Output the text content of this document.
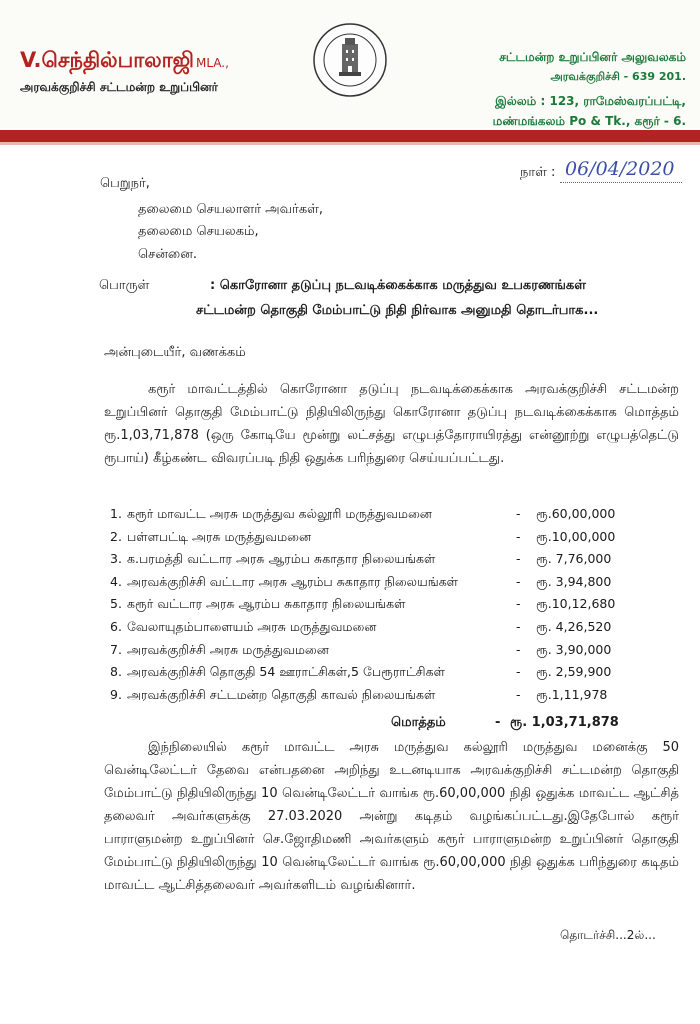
V.செந்தில்பாலாஜி MLA.,
அரவக்குறிச்சி சட்டமன்ற உறுப்பினர்
சட்டமன்ற உறுப்பினர் அலுவலகம்
அரவக்குறிச்சி - 639 201.
இல்லம் : 123, ராமேஸ்வரப்பட்டி,
மண்மங்கலம் Po & Tk., கரூர் - 6.
நாள் : 06/04/2020
பெறுநர்,
தலைமை செயலாளர் அவர்கள்,
தலைமை செயலகம்,
சென்னை.
பொருள்	: கொரோனா தடுப்பு நடவடிக்கைக்காக மருத்துவ உபகரணங்கள்
சட்டமன்ற தொகுதி மேம்பாட்டு நிதி நிர்வாக அனுமதி தொடர்பாக...
அன்புடையீர், வணக்கம்
கரூர் மாவட்டத்தில் கொரோனா தடுப்பு நடவடிக்கைக்காக அரவக்குறிச்சி சட்டமன்ற உறுப்பினர் தொகுதி மேம்பாட்டு நிதியிலிருந்து கொரோனா தடுப்பு நடவடிக்கைக்காக மொத்தம் ரூ.1,03,71,878 (ஒரு கோடியே மூன்று லட்சத்து எழுபத்தோராயிரத்து என்னூற்று எழுபத்தெட்டு ரூபாய்) கீழ்கண்ட விவரப்படி நிதி ஒதுக்க பரிந்துரை செய்யப்பட்டது.
1. கரூர் மாவட்ட அரசு மருத்துவ கல்லூரி மருத்துவமனை	- ரூ.60,00,000
2. பள்ளபட்டி அரசு மருத்துவமனை	- ரூ.10,00,000
3. க.பரமத்தி வட்டார அரசு ஆரம்ப சுகாதார நிலையங்கள்	- ரூ. 7,76,000
4. அரவக்குறிச்சி வட்டார அரசு ஆரம்ப சுகாதார நிலையங்கள்	- ரூ. 3,94,800
5. கரூர் வட்டார அரசு ஆரம்ப சுகாதார நிலையங்கள்	- ரூ.10,12,680
6. வேலாயுதம்பாளையம் அரசு மருத்துவமனை	- ரூ. 4,26,520
7. அரவக்குறிச்சி அரசு மருத்துவமனை	- ரூ. 3,90,000
8. அரவக்குறிச்சி தொகுதி 54 ஊராட்சிகள்,5 பேரூராட்சிகள்	- ரூ. 2,59,900
9. அரவக்குறிச்சி சட்டமன்ற தொகுதி காவல் நிலையங்கள்	- ரூ.1,11,978
மொத்தம்	- ரூ. 1,03,71,878
இந்நிலையில் கரூர் மாவட்ட அரசு மருத்துவ கல்லூரி மருத்துவ மனைக்கு 50 வென்டிலேட்டர் தேவை என்பதனை அறிந்து உடனடியாக அரவக்குறிச்சி சட்டமன்ற தொகுதி மேம்பாட்டு நிதியிலிருந்து 10 வென்டிலேட்டர் வாங்க ரூ.60,00,000 நிதி ஒதுக்க மாவட்ட ஆட்சித் தலைவர் அவர்களுக்கு 27.03.2020 அன்று கடிதம் வழங்கப்பட்டது.இதேபோல் கரூர் பாராளுமன்ற உறுப்பினர் செ.ஜோதிமணி அவர்களும் கரூர் பாராளுமன்ற உறுப்பினர் தொகுதி மேம்பாட்டு நிதியிலிருந்து 10 வென்டிலேட்டர் வாங்க ரூ.60,00,000 நிதி ஒதுக்க பரிந்துரை கடிதம் மாவட்ட ஆட்சித்தலைவர் அவர்களிடம் வழங்கினார்.
தொடர்ச்சி...2ல்...
